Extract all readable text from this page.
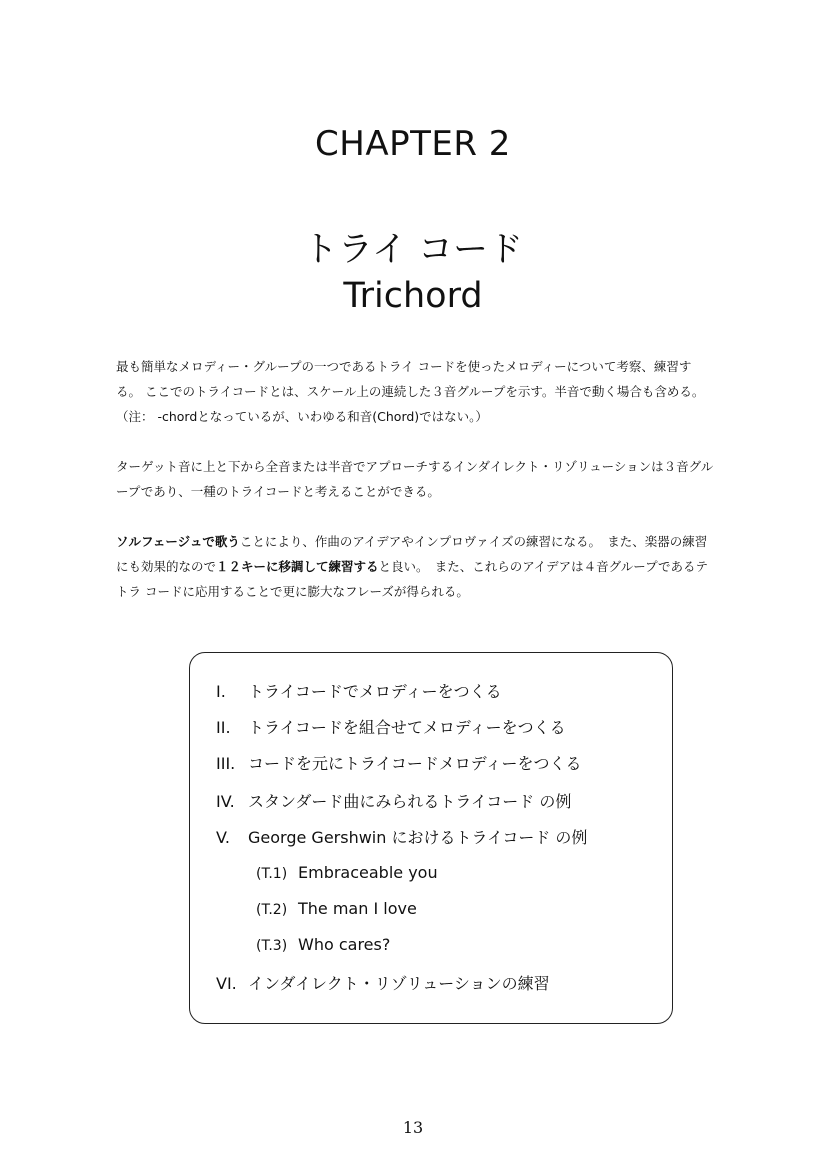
CHAPTER 2
トライ コード
Trichord

最も簡単なメロディー・グループの一つであるトライ コードを使ったメロディーについて考察、練習する。 ここでのトライコードとは、スケール上の連続した３音グループを示す。半音で動く場合も含める。　（注： -chordとなっているが、いわゆる和音(Chord)ではない。）

ターゲット音に上と下から全音または半音でアプローチするインダイレクト・リゾリューションは３音グループであり、一種のトライコードと考えることができる。

ソルフェージュで歌うことにより、作曲のアイデアやインプロヴァイズの練習になる。　また、楽器の練習にも効果的なので１２キーに移調して練習すると良い。　また、これらのアイデアは４音グループであるテトラ コードに応用することで更に膨大なフレーズが得られる。

I. トライコードでメロディーをつくる
II. トライコードを組合せてメロディーをつくる
III. コードを元にトライコードメロディーをつくる
IV. スタンダード曲にみられるトライコード の例
V. George Gershwin におけるトライコード の例
(T.1) Embraceable you
(T.2) The man I love
(T.3) Who cares?
VI. インダイレクト・リゾリューションの練習
13
